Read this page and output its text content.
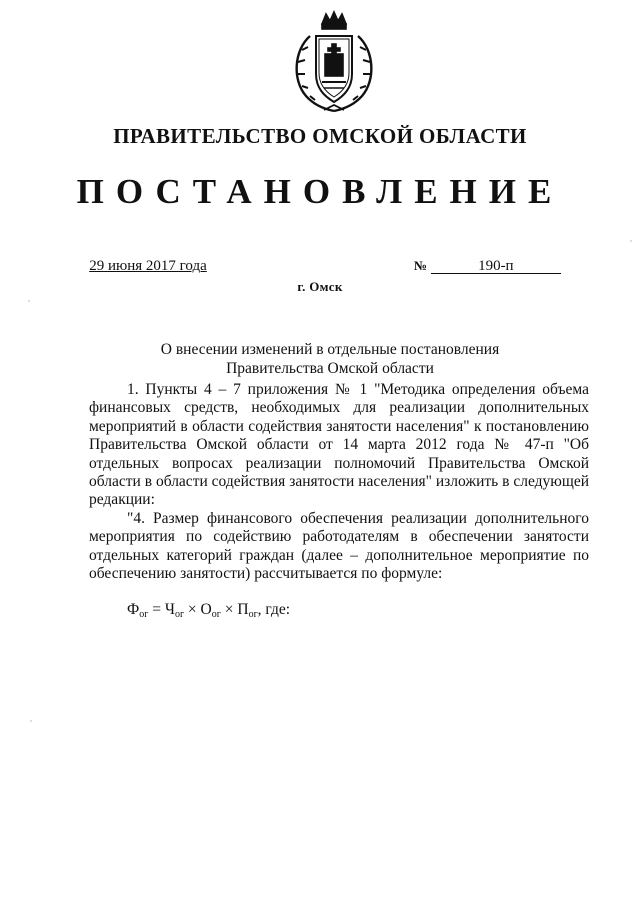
ПРАВИТЕЛЬСТВО ОМСКОЙ ОБЛАСТИ
ПОСТАНОВЛЕНИЕ
29 июня 2017 года	№	190-п
г. Омск
О внесении изменений в отдельные постановления
Правительства Омской области

1. Пункты 4 – 7 приложения № 1 "Методика определения объема финансовых средств, необходимых для реализации дополнительных мероприятий в области содействия занятости населения" к постановлению Правительства Омской области от 14 марта 2012 года № 47-п "Об отдельных вопросах реализации полномочий Правительства Омской области в области содействия занятости населения" изложить в следующей редакции:

"4. Размер финансового обеспечения реализации дополнительного мероприятия по содействию работодателям в обеспечении занятости отдельных категорий граждан (далее – дополнительное мероприятие по обеспечению занятости) рассчитывается по формуле:

$Ф_{ог} = Ч_{ог} \times О_{ог} \times П_{ог}$, где:
